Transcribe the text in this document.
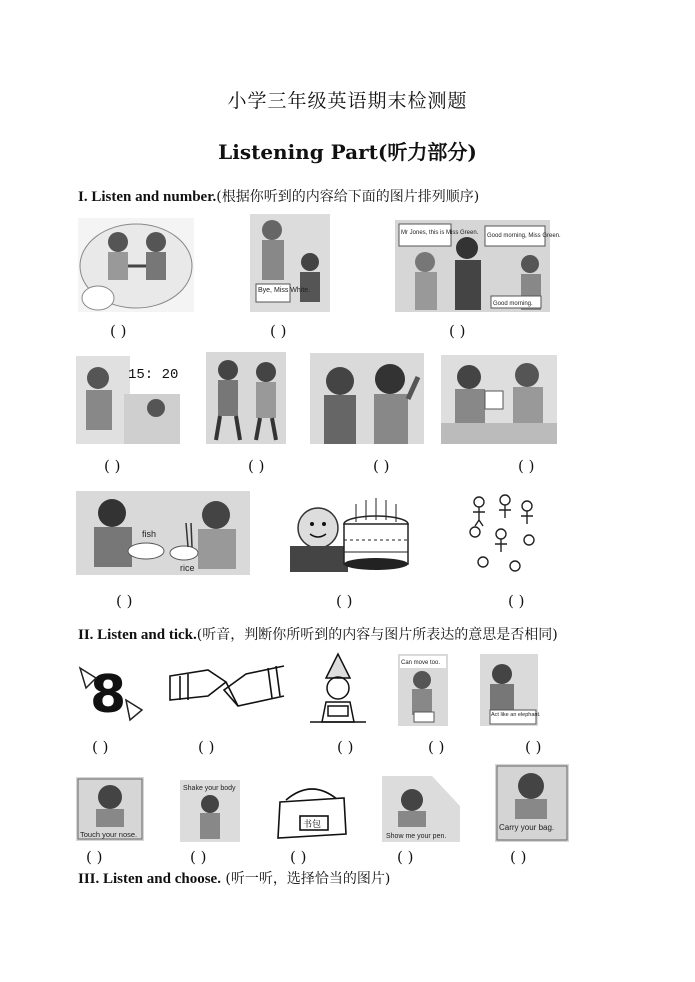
小学三年级英语期末检测题
Listening Part(听力部分)
I. Listen and number.(根据你听到的内容给下面的图片排列顺序)
Bye, Miss White.
Mr Jones, this is Miss Green. Good morning, Miss Green.
Good morning.
( )	( )	( )
15: 20
( )	( )	( )	( )
fish
rice
( )	( )	( )
II. Listen and tick.(听音，判断你所听到的内容与图片所表达的意思是否相同)
8
Can move too.
Act like an elephant.
( )	( )	( )	( )	( )
Touch your nose.
Shake your body
书包
Show me your pen.
Carry your bag.
( )	( )	( )	( )	( )
III. Listen and choose. (听一听，选择恰当的图片)
